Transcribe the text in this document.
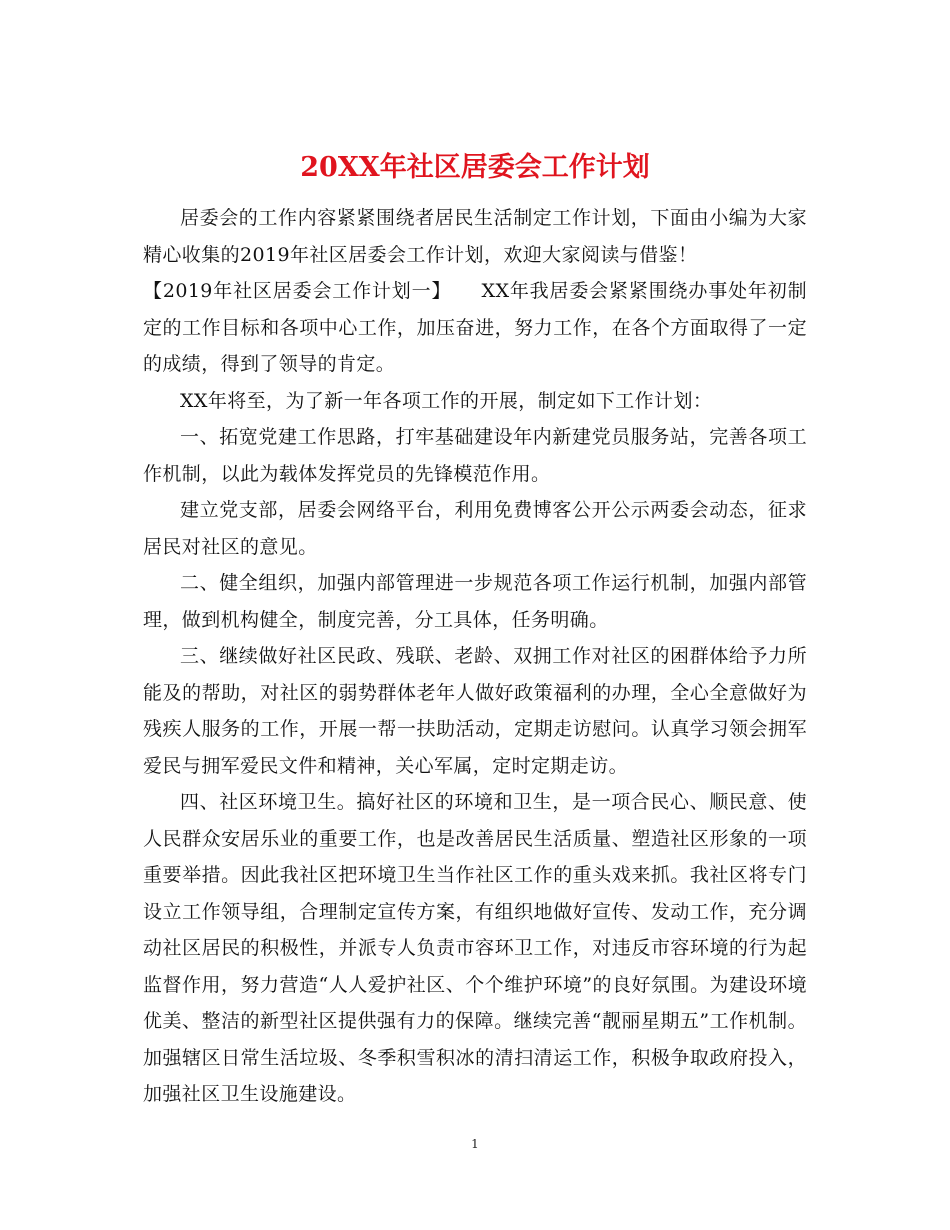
20XX年社区居委会工作计划

居委会的工作内容紧紧围绕者居民生活制定工作计划，下面由小编为大家精心收集的2019年社区居委会工作计划，欢迎大家阅读与借鉴！

【2019年社区居委会工作计划一】　　XX年我居委会紧紧围绕办事处年初制定的工作目标和各项中心工作，加压奋进，努力工作，在各个方面取得了一定的成绩，得到了领导的肯定。

XX年将至，为了新一年各项工作的开展，制定如下工作计划：

一、拓宽党建工作思路，打牢基础建设年内新建党员服务站，完善各项工作机制，以此为载体发挥党员的先锋模范作用。

建立党支部，居委会网络平台，利用免费博客公开公示两委会动态，征求居民对社区的意见。

二、健全组织，加强内部管理进一步规范各项工作运行机制，加强内部管理，做到机构健全，制度完善，分工具体，任务明确。

三、继续做好社区民政、残联、老龄、双拥工作对社区的困群体给予力所能及的帮助，对社区的弱势群体老年人做好政策福利的办理，全心全意做好为残疾人服务的工作，开展一帮一扶助活动，定期走访慰问。认真学习领会拥军爱民与拥军爱民文件和精神，关心军属，定时定期走访。

四、社区环境卫生。搞好社区的环境和卫生，是一项合民心、顺民意、使人民群众安居乐业的重要工作，也是改善居民生活质量、塑造社区形象的一项重要举措。因此我社区把环境卫生当作社区工作的重头戏来抓。我社区将专门设立工作领导组，合理制定宣传方案，有组织地做好宣传、发动工作，充分调动社区居民的积极性，并派专人负责市容环卫工作，对违反市容环境的行为起监督作用，努力营造“人人爱护社区、个个维护环境”的良好氛围。为建设环境优美、整洁的新型社区提供强有力的保障。继续完善“靓丽星期五”工作机制。加强辖区日常生活垃圾、冬季积雪积冰的清扫清运工作，积极争取政府投入，加强社区卫生设施建设。

1
